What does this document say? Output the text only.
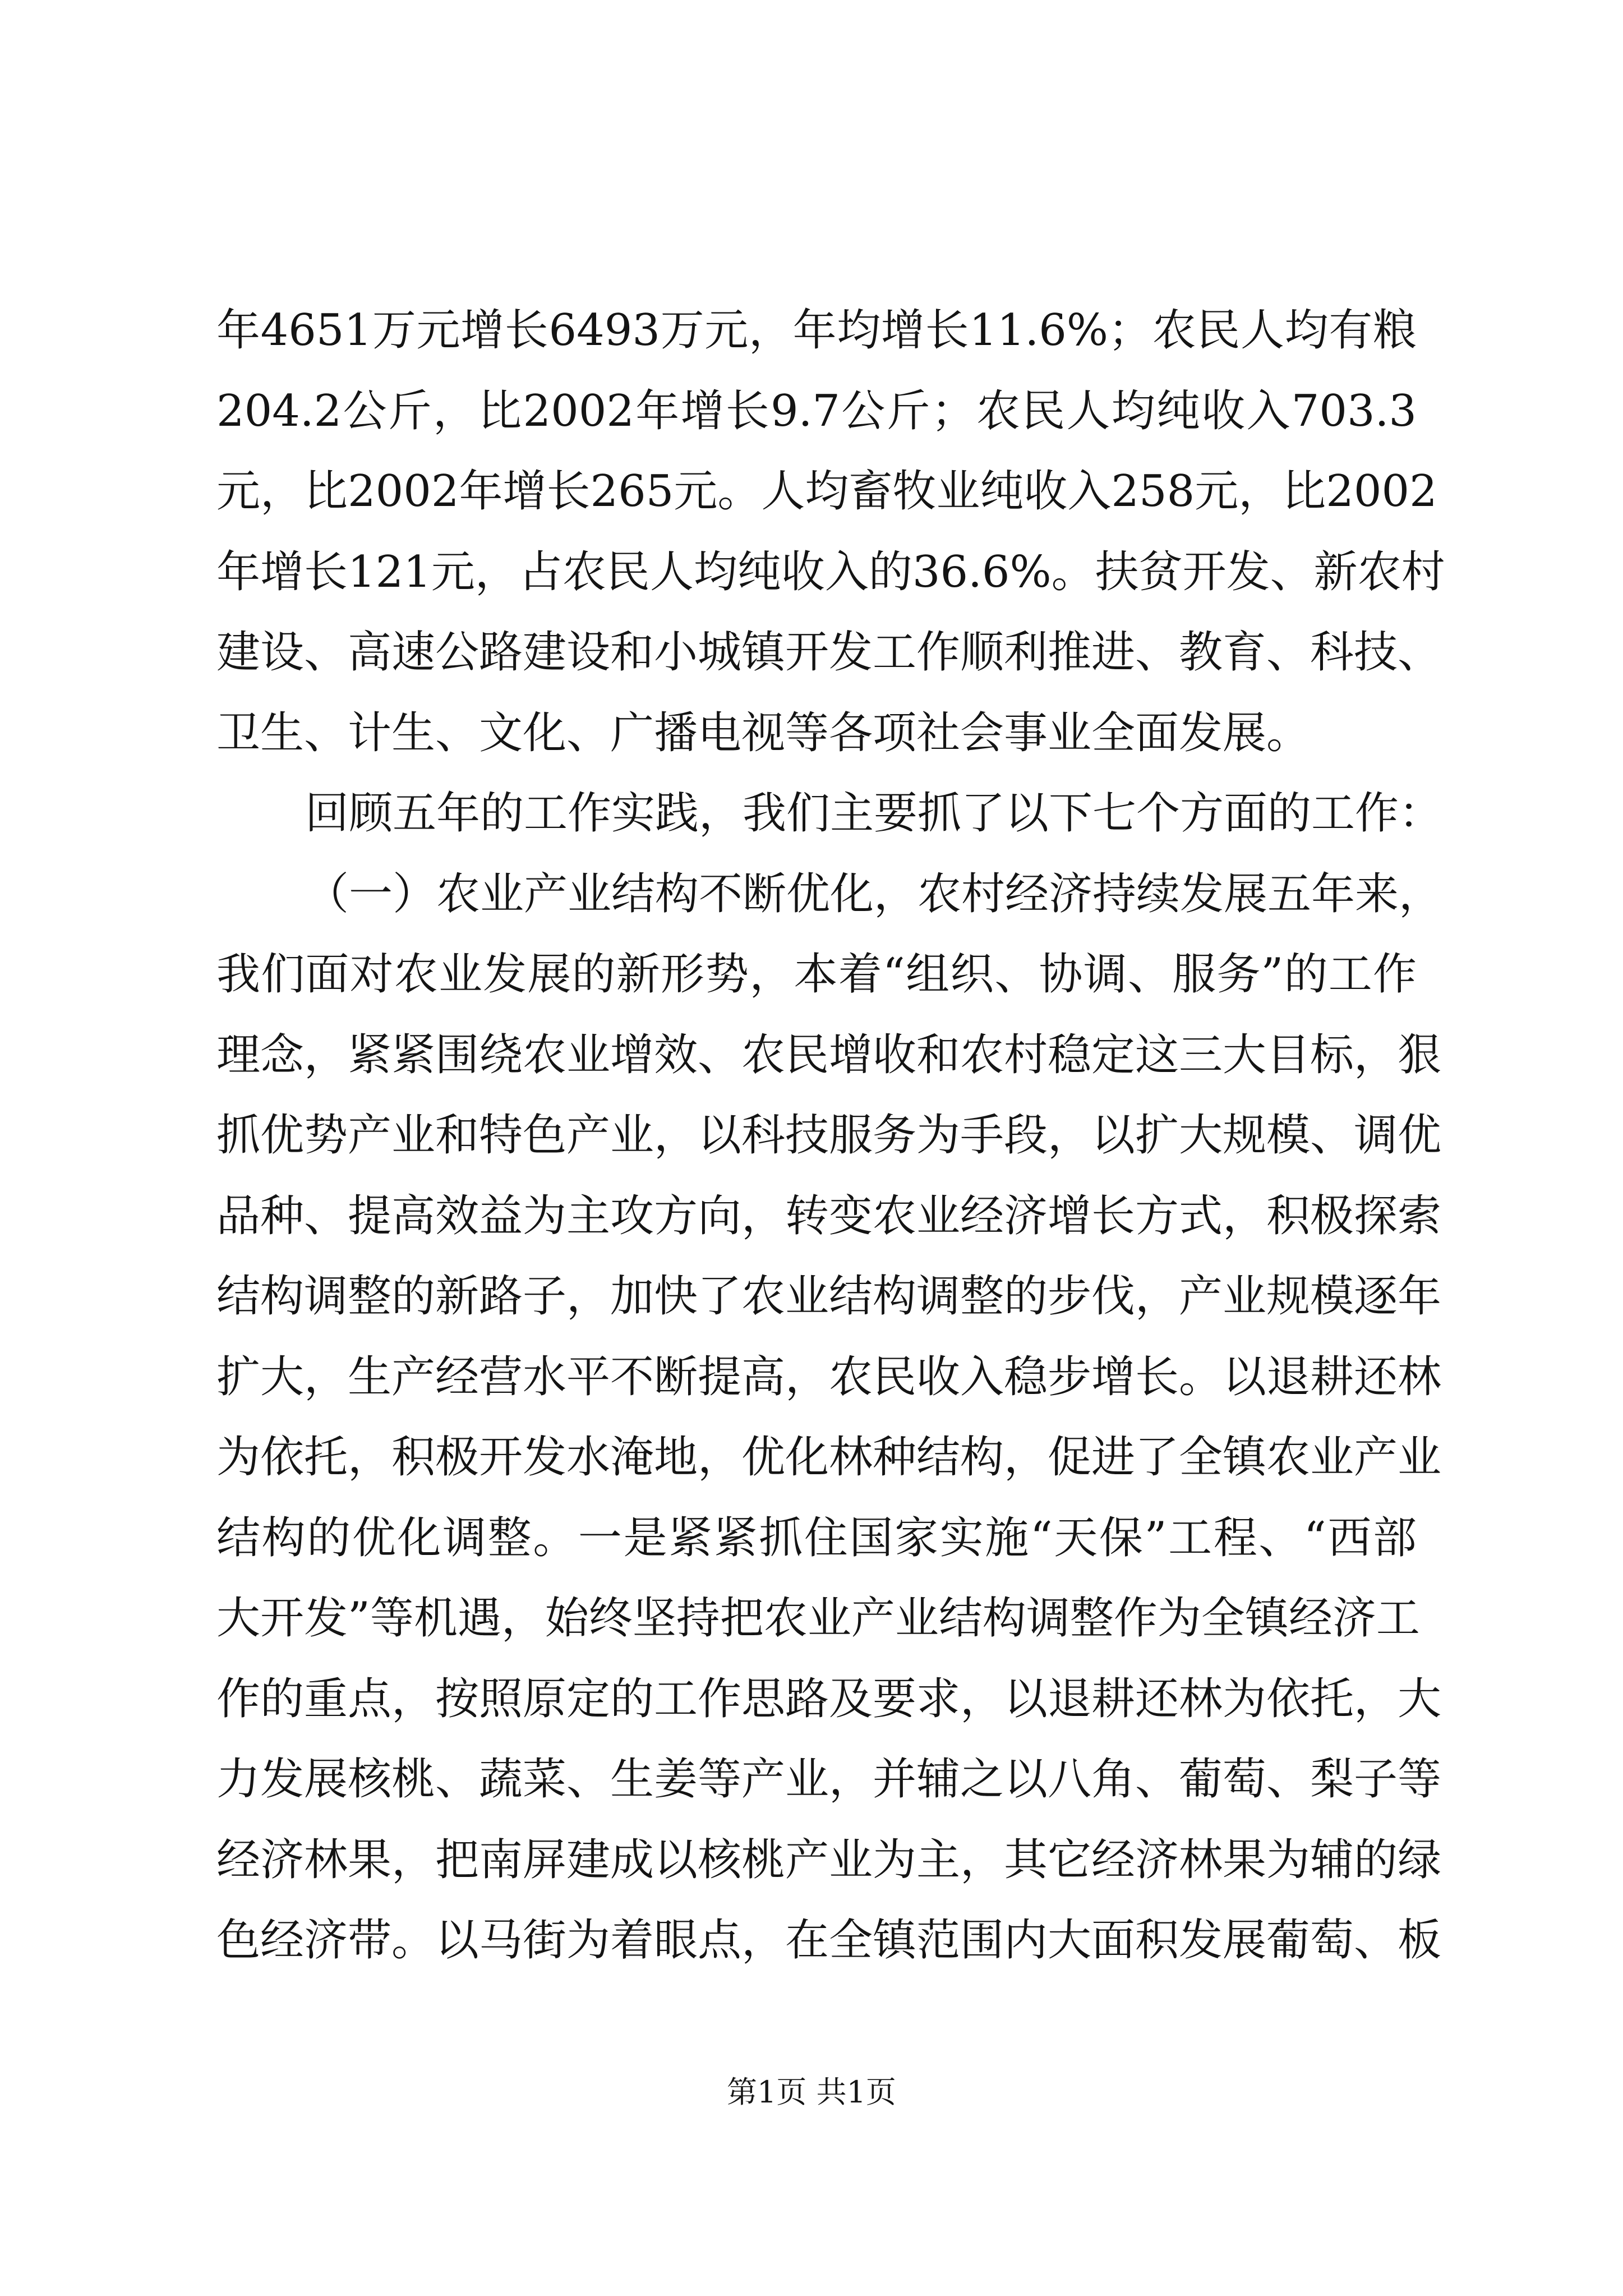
年4651万元增长6493万元，年均增长11.6%；农民人均有粮
204.2公斤，比2002年增长9.7公斤；农民人均纯收入703.3
元，比2002年增长265元。人均畜牧业纯收入258元，比2002
年增长121元，占农民人均纯收入的36.6%。扶贫开发、新农村
建设、高速公路建设和小城镇开发工作顺利推进、教育、科技、
卫生、计生、文化、广播电视等各项社会事业全面发展。
回顾五年的工作实践，我们主要抓了以下七个方面的工作：
（一）农业产业结构不断优化，农村经济持续发展五年来，
我们面对农业发展的新形势，本着“组织、协调、服务”的工作
理念，紧紧围绕农业增效、农民增收和农村稳定这三大目标，狠
抓优势产业和特色产业，以科技服务为手段，以扩大规模、调优
品种、提高效益为主攻方向，转变农业经济增长方式，积极探索
结构调整的新路子，加快了农业结构调整的步伐，产业规模逐年
扩大，生产经营水平不断提高，农民收入稳步增长。以退耕还林
为依托，积极开发水淹地，优化林种结构，促进了全镇农业产业
结构的优化调整。一是紧紧抓住国家实施“天保”工程、“西部
大开发”等机遇，始终坚持把农业产业结构调整作为全镇经济工
作的重点，按照原定的工作思路及要求，以退耕还林为依托，大
力发展核桃、蔬菜、生姜等产业，并辅之以八角、葡萄、梨子等
经济林果，把南屏建成以核桃产业为主，其它经济林果为辅的绿
色经济带。以马街为着眼点，在全镇范围内大面积发展葡萄、板
第1页 共1页
